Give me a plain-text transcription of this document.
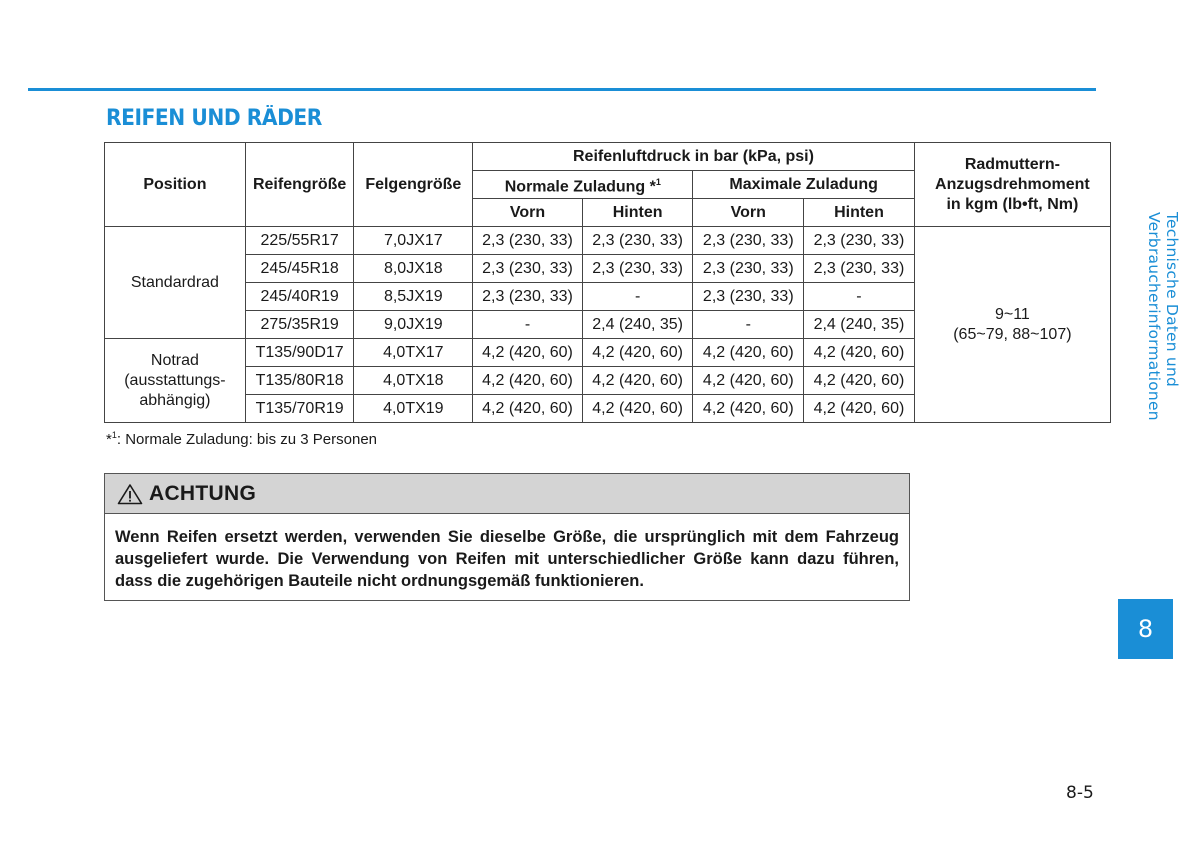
REIFEN UND RÄDER
Position	Reifengröße	Felgengröße	Reifenluftdruck in bar (kPa, psi)				Radmuttern-
Anzugsdrehmoment
in kgm (lb•ft, Nm)
			Normale Zuladung *$^1$		Maximale Zuladung		
			Vorn	Hinten	Vorn	Hinten	
Standardrad	225/55R17	7,0JX17	2,3 (230, 33)	2,3 (230, 33)	2,3 (230, 33)	2,3 (230, 33)	9~11
(65~79, 88~107)
	245/45R18	8,0JX18	2,3 (230, 33)	2,3 (230, 33)	2,3 (230, 33)	2,3 (230, 33)	
	245/40R19	8,5JX19	2,3 (230, 33)	-	2,3 (230, 33)	-	
	275/35R19	9,0JX19	-	2,4 (240, 35)	-	2,4 (240, 35)	
Notrad
(ausstattungs-
abhängig)	T135/90D17	4,0TX17	4,2 (420, 60)	4,2 (420, 60)	4,2 (420, 60)	4,2 (420, 60)	
	T135/80R18	4,0TX18	4,2 (420, 60)	4,2 (420, 60)	4,2 (420, 60)	4,2 (420, 60)	
	T135/70R19	4,0TX19	4,2 (420, 60)	4,2 (420, 60)	4,2 (420, 60)	4,2 (420, 60)	
*$^1$: Normale Zuladung: bis zu 3 Personen
ACHTUNG
Wenn Reifen ersetzt werden, verwenden Sie dieselbe Größe, die ursprünglich mit dem Fahrzeug ausgeliefert wurde. Die Verwendung von Reifen mit unterschiedlicher Größe kann dazu führen, dass die zugehörigen Bauteile nicht ordnungsgemäß funktionieren.
Technische Daten und Verbraucherinformationen
8
8-5
